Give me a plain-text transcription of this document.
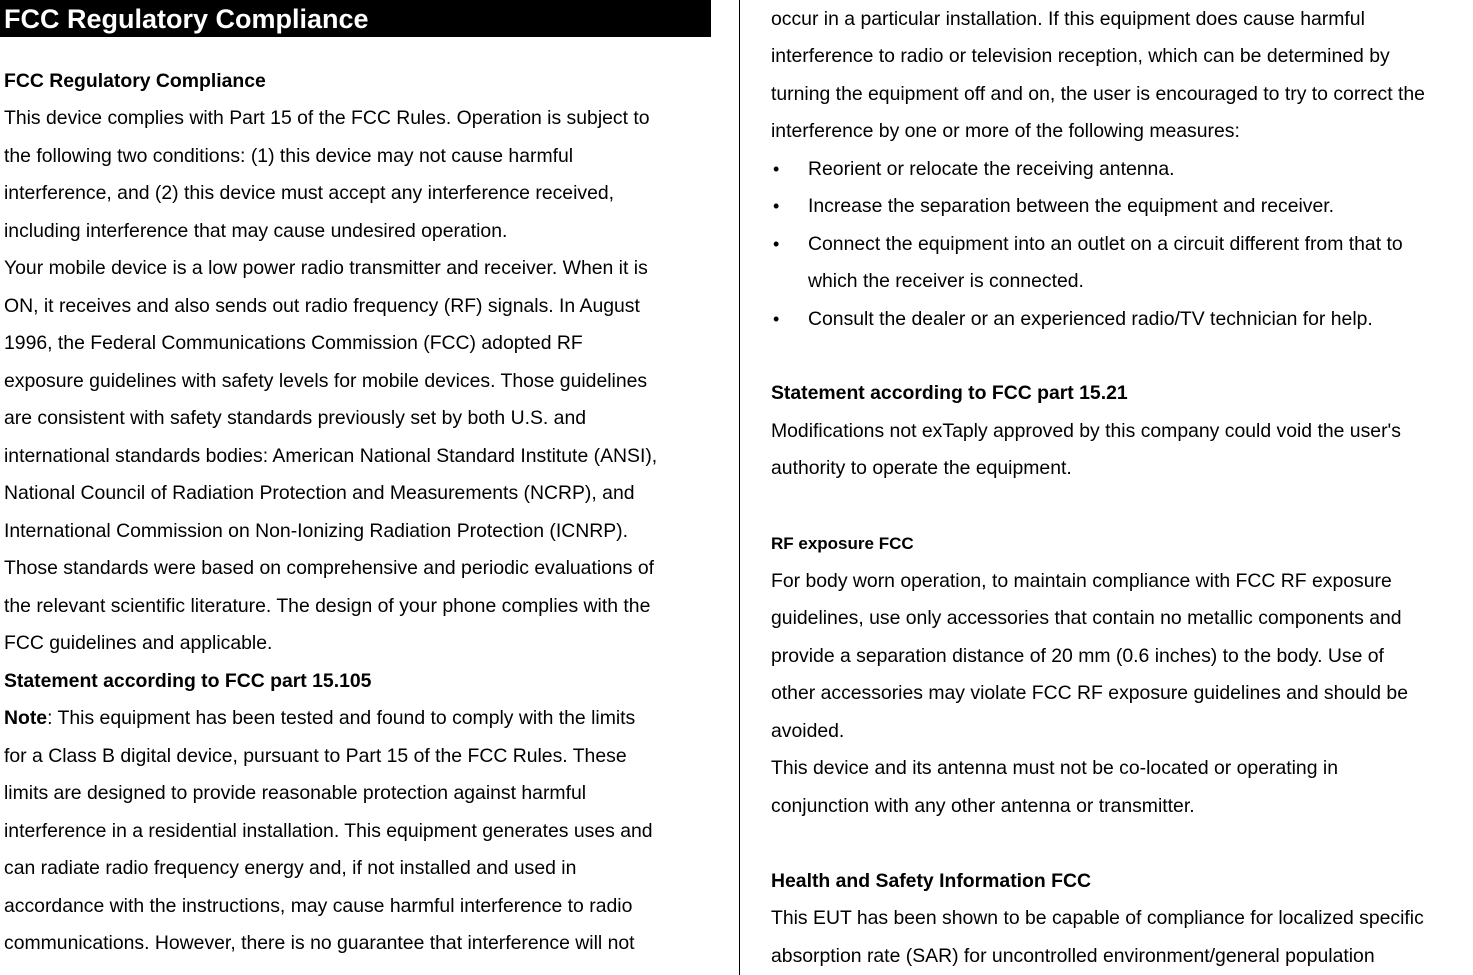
FCC Regulatory Compliance
FCC Regulatory Compliance
This device complies with Part 15 of the FCC Rules. Operation is subject to
the following two conditions: (1) this device may not cause harmful
interference, and (2) this device must accept any interference received,
including interference that may cause undesired operation.
Your mobile device is a low power radio transmitter and receiver. When it is
ON, it receives and also sends out radio frequency (RF) signals. In August
1996, the Federal Communications Commission (FCC) adopted RF
exposure guidelines with safety levels for mobile devices. Those guidelines
are consistent with safety standards previously set by both U.S. and
international standards bodies: American National Standard Institute (ANSI),
National Council of Radiation Protection and Measurements (NCRP), and
International Commission on Non-Ionizing Radiation Protection (ICNRP).
Those standards were based on comprehensive and periodic evaluations of
the relevant scientific literature. The design of your phone complies with the
FCC guidelines and applicable.
Statement according to FCC part 15.105
Note: This equipment has been tested and found to comply with the limits
for a Class B digital device, pursuant to Part 15 of the FCC Rules. These
limits are designed to provide reasonable protection against harmful
interference in a residential installation. This equipment generates uses and
can radiate radio frequency energy and, if not installed and used in
accordance with the instructions, may cause harmful interference to radio
communications. However, there is no guarantee that interference will not
occur in a particular installation. If this equipment does cause harmful
interference to radio or television reception, which can be determined by
turning the equipment off and on, the user is encouraged to try to correct the
interference by one or more of the following measures:
• Reorient or relocate the receiving antenna.
• Increase the separation between the equipment and receiver.
• Connect the equipment into an outlet on a circuit different from that to
which the receiver is connected.
• Consult the dealer or an experienced radio/TV technician for help.
Statement according to FCC part 15.21
Modifications not exTaply approved by this company could void the user's
authority to operate the equipment.
RF exposure FCC
For body worn operation, to maintain compliance with FCC RF exposure
guidelines, use only accessories that contain no metallic components and
provide a separation distance of 20 mm (0.6 inches) to the body. Use of
other accessories may violate FCC RF exposure guidelines and should be
avoided.
This device and its antenna must not be co-located or operating in
conjunction with any other antenna or transmitter.
Health and Safety Information FCC
This EUT has been shown to be capable of compliance for localized specific
absorption rate (SAR) for uncontrolled environment/general population
